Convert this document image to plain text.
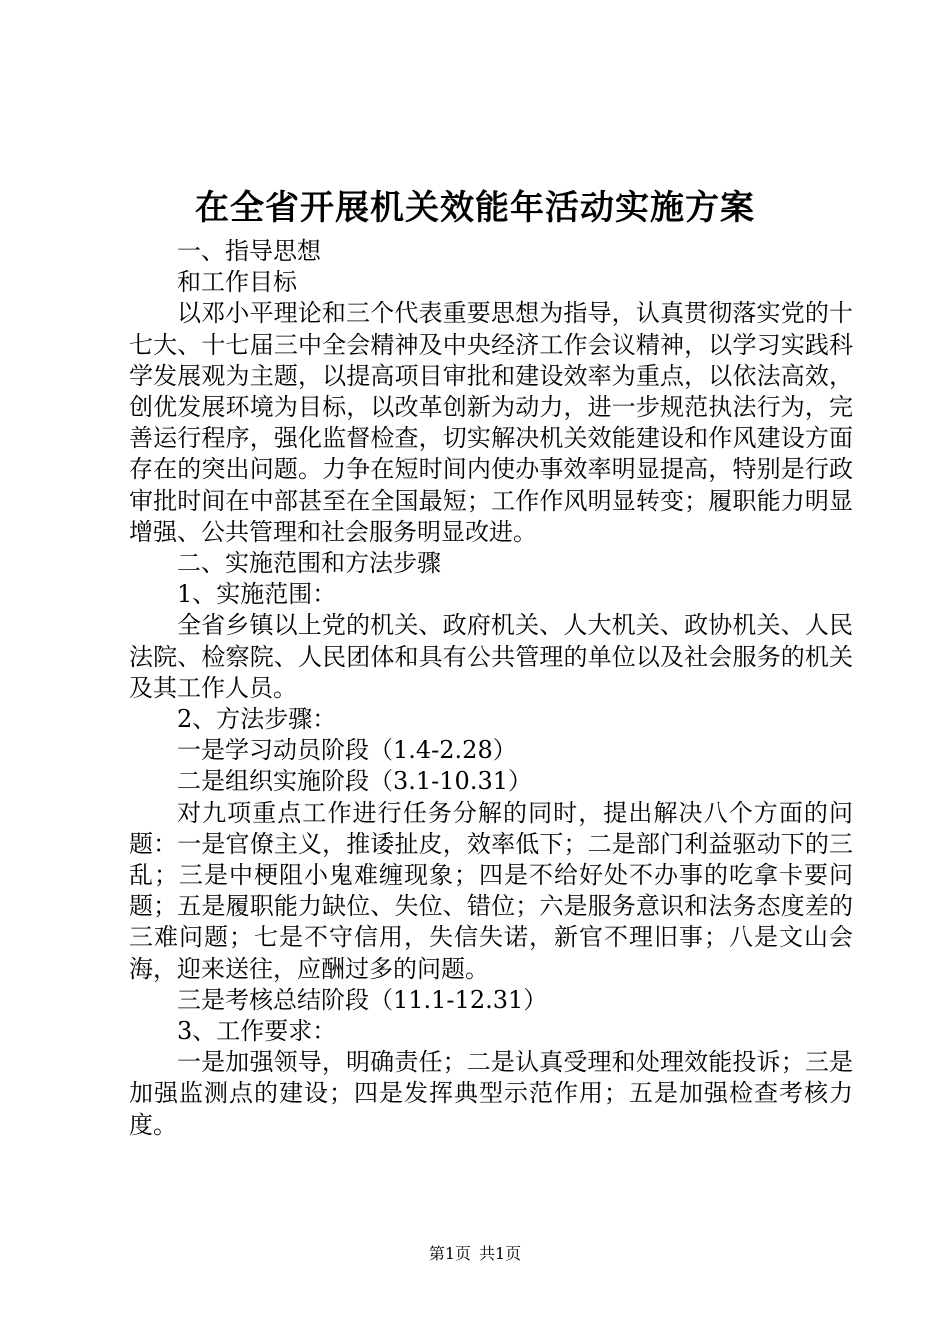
在全省开展机关效能年活动实施方案

一、指导思想

和工作目标

以邓小平理论和三个代表重要思想为指导，认真贯彻落实党的十七大、十七届三中全会精神及中央经济工作会议精神，以学习实践科学发展观为主题，以提高项目审批和建设效率为重点，以依法高效，创优发展环境为目标，以改革创新为动力，进一步规范执法行为，完善运行程序，强化监督检查，切实解决机关效能建设和作风建设方面存在的突出问题。力争在短时间内使办事效率明显提高，特别是行政审批时间在中部甚至在全国最短；工作作风明显转变；履职能力明显增强、公共管理和社会服务明显改进。

二、实施范围和方法步骤

1、实施范围：

全省乡镇以上党的机关、政府机关、人大机关、政协机关、人民法院、检察院、人民团体和具有公共管理的单位以及社会服务的机关及其工作人员。

2、方法步骤：

一是学习动员阶段（1.4-2.28）

二是组织实施阶段（3.1-10.31）

对九项重点工作进行任务分解的同时，提出解决八个方面的问题：一是官僚主义，推诿扯皮，效率低下；二是部门利益驱动下的三乱；三是中梗阻小鬼难缠现象；四是不给好处不办事的吃拿卡要问题；五是履职能力缺位、失位、错位；六是服务意识和法务态度差的三难问题；七是不守信用，失信失诺，新官不理旧事；八是文山会海，迎来送往，应酬过多的问题。

三是考核总结阶段（11.1-12.31）

3、工作要求：

一是加强领导，明确责任；二是认真受理和处理效能投诉；三是加强监测点的建设；四是发挥典型示范作用；五是加强检查考核力度。

第1页 共1页
